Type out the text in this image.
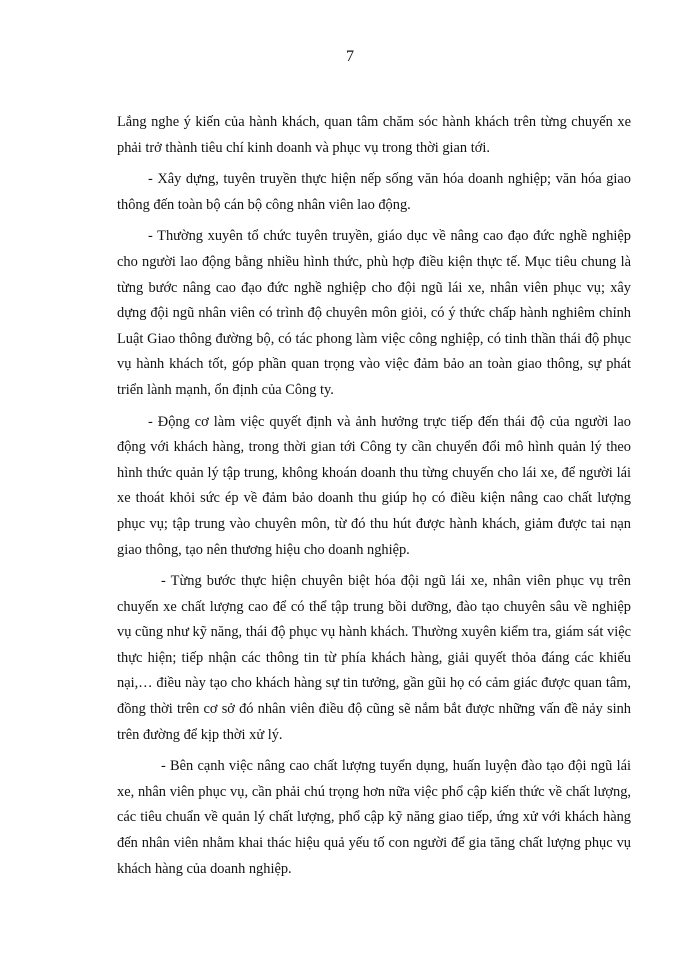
7

Lắng nghe ý kiến của hành khách, quan tâm chăm sóc hành khách trên từng chuyến xe phải trở thành tiêu chí kinh doanh và phục vụ trong thời gian tới.

- Xây dựng, tuyên truyền thực hiện nếp sống văn hóa doanh nghiệp; văn hóa giao thông đến toàn bộ cán bộ công nhân viên lao động.

- Thường xuyên tổ chức tuyên truyền, giáo dục về nâng cao đạo đức nghề nghiệp cho người lao động bằng nhiều hình thức, phù hợp điều kiện thực tế. Mục tiêu chung là từng bước nâng cao đạo đức nghề nghiệp cho đội ngũ lái xe, nhân viên phục vụ; xây dựng đội ngũ nhân viên có trình độ chuyên môn giỏi, có ý thức chấp hành nghiêm chỉnh Luật Giao thông đường bộ, có tác phong làm việc công nghiệp, có tinh thần thái độ phục vụ hành khách tốt, góp phần quan trọng vào việc đảm bảo an toàn giao thông, sự phát triển lành mạnh, ổn định của Công ty.

- Động cơ làm việc quyết định và ảnh hưởng trực tiếp đến thái độ của người lao động với khách hàng, trong thời gian tới Công ty cần chuyển đổi mô hình quản lý theo hình thức quản lý tập trung, không khoán doanh thu từng chuyến cho lái xe, để người lái xe thoát khỏi sức ép về đảm bảo doanh thu giúp họ có điều kiện nâng cao chất lượng phục vụ; tập trung vào chuyên môn, từ đó thu hút được hành khách, giảm được tai nạn giao thông, tạo nên thương hiệu cho doanh nghiệp.

- Từng bước thực hiện chuyên biệt hóa đội ngũ lái xe, nhân viên phục vụ trên chuyến xe chất lượng cao để có thể tập trung bồi dưỡng, đào tạo chuyên sâu về nghiệp vụ cũng như kỹ năng, thái độ phục vụ hành khách. Thường xuyên kiểm tra, giám sát việc thực hiện; tiếp nhận các thông tin từ phía khách hàng, giải quyết thỏa đáng các khiếu nại,… điều này tạo cho khách hàng sự tin tưởng, gần gũi họ có cảm giác được quan tâm, đồng thời trên cơ sở đó nhân viên điều độ cũng sẽ nắm bắt được những vấn đề nảy sinh trên đường để kịp thời xử lý.

- Bên cạnh việc nâng cao chất lượng tuyển dụng, huấn luyện đào tạo đội ngũ lái xe, nhân viên phục vụ, cần phải chú trọng hơn nữa việc phổ cập kiến thức về chất lượng, các tiêu chuẩn về quản lý chất lượng, phổ cập kỹ năng giao tiếp, ứng xử với khách hàng đến nhân viên nhằm khai thác hiệu quả yếu tố con người để gia tăng chất lượng phục vụ khách hàng của doanh nghiệp.
